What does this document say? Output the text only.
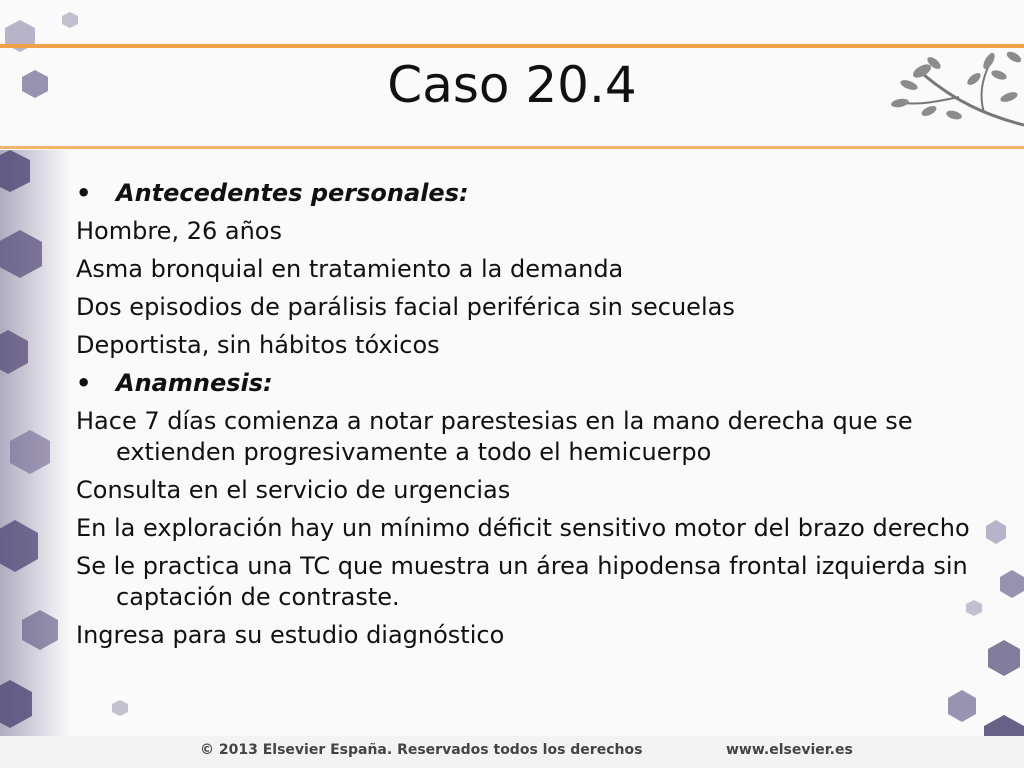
Caso 20.4
• Antecedentes personales:

Hombre, 26 años

Asma bronquial en tratamiento a la demanda

Dos episodios de parálisis facial periférica sin secuelas

Deportista, sin hábitos tóxicos

• Anamnesis:

Hace 7 días comienza a notar parestesias en la mano derecha que se extienden progresivamente a todo el hemicuerpo

Consulta en el servicio de urgencias

En la exploración hay un mínimo déficit sensitivo motor del brazo derecho

Se le practica una TC que muestra un área hipodensa frontal izquierda sin captación de contraste.

Ingresa para su estudio diagnóstico

© 2013 Elsevier España. Reservados todos los derechos	www.elsevier.es
